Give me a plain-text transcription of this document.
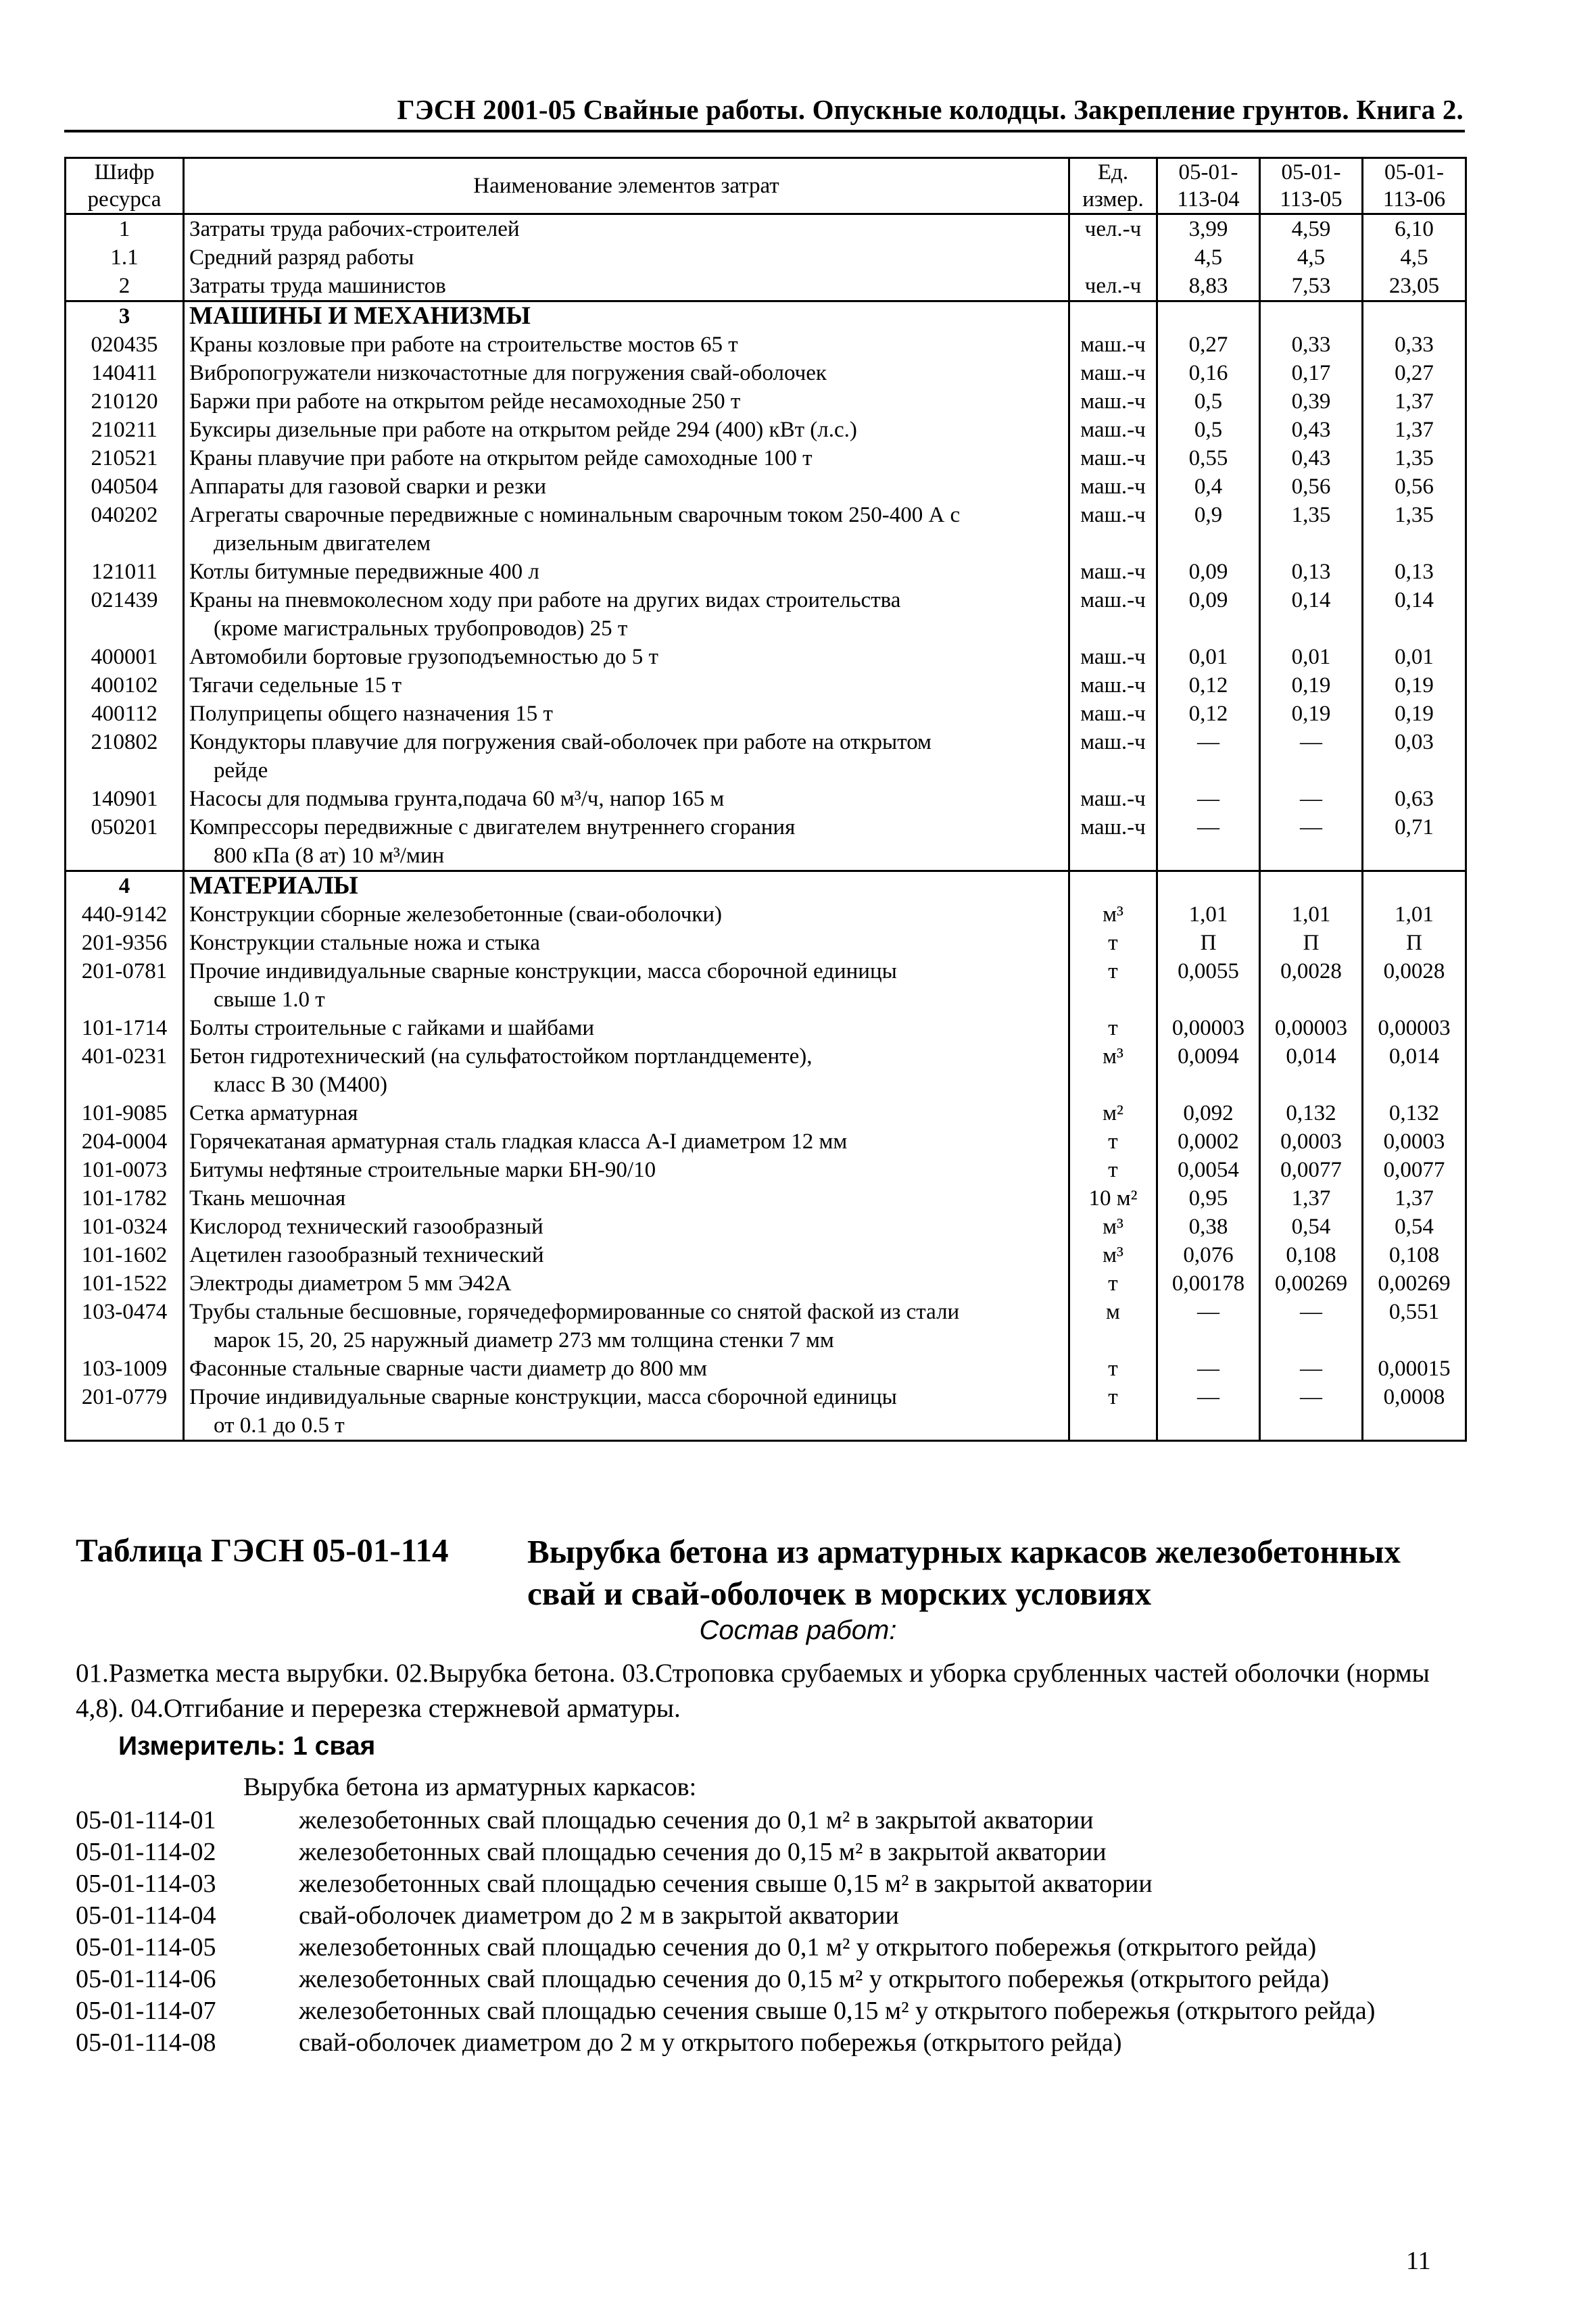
ГЭСН 2001-05 Свайные работы. Опускные колодцы. Закрепление грунтов. Книга 2.
Шифр ресурса	Наименование элементов затрат	Ед. измер.	05-01-113-04	05-01-113-05	05-01-113-06
1	Затраты труда рабочих-строителей	чел.-ч	3,99	4,59	6,10
1.1	Средний разряд работы		4,5	4,5	4,5
2	Затраты труда машинистов	чел.-ч	8,83	7,53	23,05
3	МАШИНЫ И МЕХАНИЗМЫ				
020435	Краны козловые при работе на строительстве мостов 65 т	маш.-ч	0,27	0,33	0,33
140411	Вибропогружатели низкочастотные для погружения свай-оболочек	маш.-ч	0,16	0,17	0,27
210120	Баржи при работе на открытом рейде несамоходные 250 т	маш.-ч	0,5	0,39	1,37
210211	Буксиры дизельные при работе на открытом рейде 294 (400) кВт (л.с.)	маш.-ч	0,5	0,43	1,37
210521	Краны плавучие при работе на открытом рейде самоходные 100 т	маш.-ч	0,55	0,43	1,35
040504	Аппараты для газовой сварки и резки	маш.-ч	0,4	0,56	0,56
040202	Агрегаты сварочные передвижные с номинальным сварочным током 250-400 А с
дизельным двигателем	маш.-ч	0,9	1,35	1,35
121011	Котлы битумные передвижные 400 л	маш.-ч	0,09	0,13	0,13
021439	Краны на пневмоколесном ходу при работе на других видах строительства
(кроме магистральных трубопроводов) 25 т	маш.-ч	0,09	0,14	0,14
400001	Автомобили бортовые грузоподъемностью до 5 т	маш.-ч	0,01	0,01	0,01
400102	Тягачи седельные 15 т	маш.-ч	0,12	0,19	0,19
400112	Полуприцепы общего назначения 15 т	маш.-ч	0,12	0,19	0,19
210802	Кондукторы плавучие для погружения свай-оболочек при работе на открытом
рейде	маш.-ч	—	—	0,03
140901	Насосы для подмыва грунта,подача 60 м³/ч, напор 165 м	маш.-ч	—	—	0,63
050201	Компрессоры передвижные с двигателем внутреннего сгорания
800 кПа (8 ат) 10 м³/мин	маш.-ч	—	—	0,71
4	МАТЕРИАЛЫ				
440-9142	Конструкции сборные железобетонные (сваи-оболочки)	м³	1,01	1,01	1,01
201-9356	Конструкции стальные ножа и стыка	т	П	П	П
201-0781	Прочие индивидуальные сварные конструкции, масса сборочной единицы
свыше 1.0 т	т	0,0055	0,0028	0,0028
101-1714	Болты строительные с гайками и шайбами	т	0,00003	0,00003	0,00003
401-0231	Бетон гидротехнический (на сульфатостойком портландцементе),
класс В 30 (М400)	м³	0,0094	0,014	0,014
101-9085	Сетка арматурная	м²	0,092	0,132	0,132
204-0004	Горячекатаная арматурная сталь гладкая класса А-I диаметром 12 мм	т	0,0002	0,0003	0,0003
101-0073	Битумы нефтяные строительные марки БН-90/10	т	0,0054	0,0077	0,0077
101-1782	Ткань мешочная	10 м²	0,95	1,37	1,37
101-0324	Кислород технический газообразный	м³	0,38	0,54	0,54
101-1602	Ацетилен газообразный технический	м³	0,076	0,108	0,108
101-1522	Электроды диаметром 5 мм Э42А	т	0,00178	0,00269	0,00269
103-0474	Трубы стальные бесшовные, горячедеформированные со снятой фаской из стали
марок 15, 20, 25 наружный диаметр 273 мм толщина стенки 7 мм	м	—	—	0,551
103-1009	Фасонные стальные сварные части диаметр до 800 мм	т	—	—	0,00015
201-0779	Прочие индивидуальные сварные конструкции, масса сборочной единицы
от 0.1 до 0.5 т	т	—	—	0,0008
Таблица ГЭСН 05-01-114 Вырубка бетона из арматурных каркасов железобетонных свай и свай-оболочек в морских условиях
Состав работ:
01.Разметка места вырубки. 02.Вырубка бетона. 03.Строповка срубаемых и уборка срубленных частей оболочки (нормы 4,8). 04.Отгибание и перерезка стержневой арматуры.
Измеритель: 1 свая
Вырубка бетона из арматурных каркасов:
05-01-114-01	железобетонных свай площадью сечения до 0,1 м² в закрытой акватории
05-01-114-02	железобетонных свай площадью сечения до 0,15 м² в закрытой акватории
05-01-114-03	железобетонных свай площадью сечения свыше 0,15 м² в закрытой акватории
05-01-114-04	свай-оболочек диаметром до 2 м в закрытой акватории
05-01-114-05	железобетонных свай площадью сечения до 0,1 м² у открытого побережья (открытого рейда)
05-01-114-06	железобетонных свай площадью сечения до 0,15 м² у открытого побережья (открытого рейда)
05-01-114-07	железобетонных свай площадью сечения свыше 0,15 м² у открытого побережья (открытого рейда)
05-01-114-08	свай-оболочек диаметром до 2 м у открытого побережья (открытого рейда)
11
